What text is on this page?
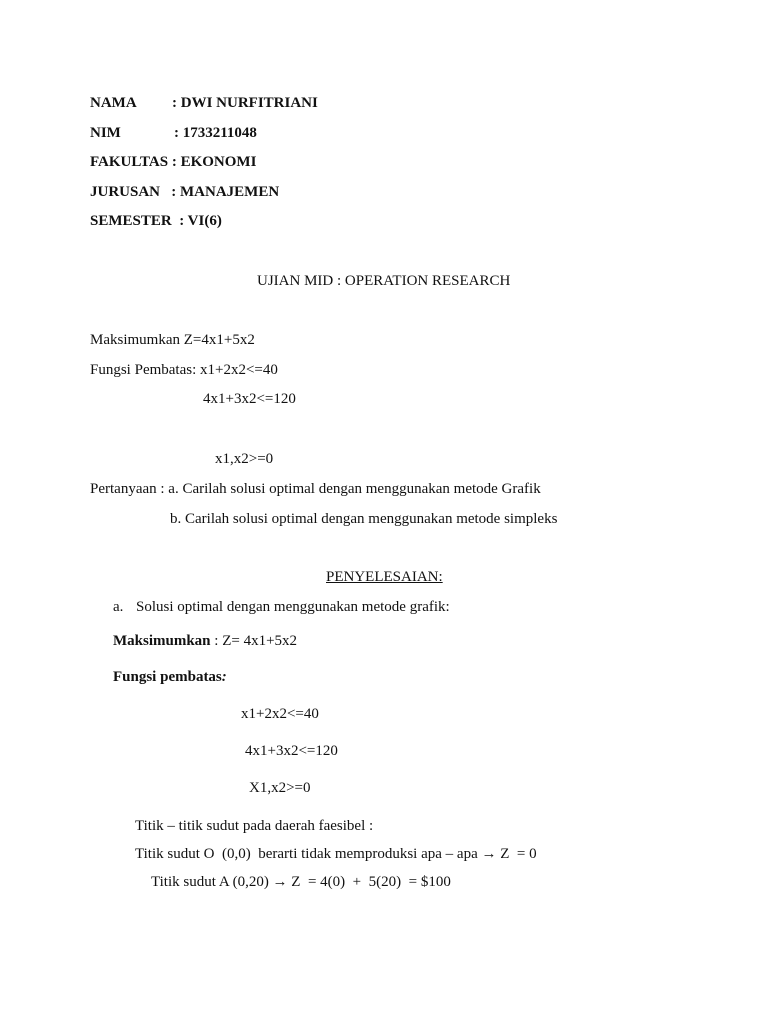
NAMA : DWI NURFITRIANI
NIM	: 1733211048
FAKULTAS : EKONOMI
JURUSAN   : MANAJEMEN
SEMESTER  : VI(6)
UJIAN MID : OPERATION RESEARCH
Maksimumkan Z=4x1+5x2
Fungsi Pembatas: x1+2x2<=40
4x1+3x2<=120
x1,x2>=0
Pertanyaan : a. Carilah solusi optimal dengan menggunakan metode Grafik
b. Carilah solusi optimal dengan menggunakan metode simpleks
PENYELESAIAN:
a. Solusi optimal dengan menggunakan metode grafik:
Maksimumkan : Z= 4x1+5x2
Fungsi pembatas:
x1+2x2<=40
4x1+3x2<=120
X1,x2>=0
Titik – titik sudut pada daerah faesibel :
Titik sudut O  (0,0)  berarti tidak memproduksi apa – apa → Z  = 0
Titik sudut A (0,20) → Z  = 4(0)  +  5(20)  = $100
